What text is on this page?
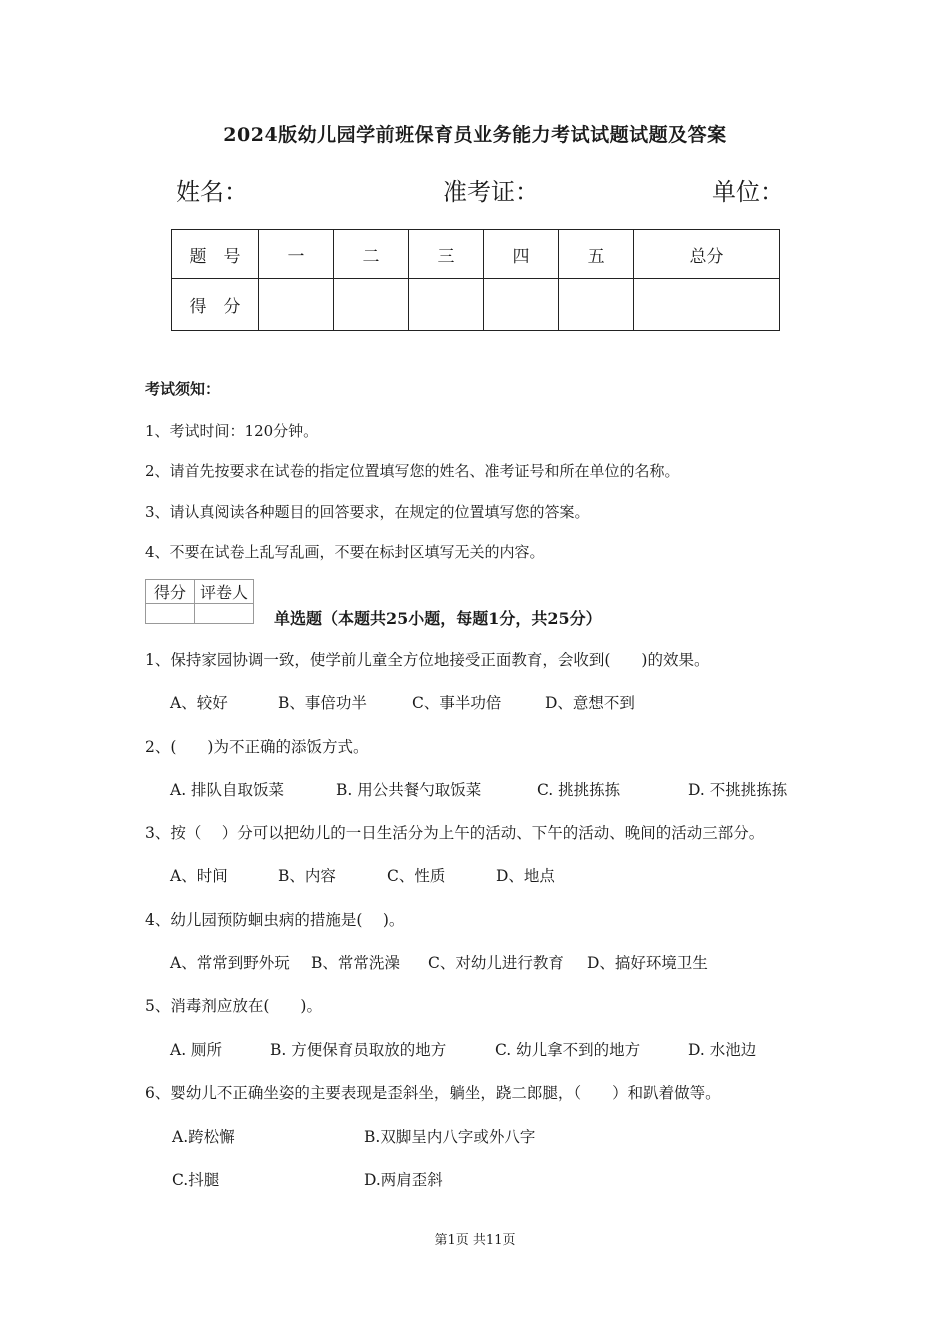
2024版幼儿园学前班保育员业务能力考试试题试题及答案
姓名：	准考证：	单位：
题　号	一	二	三	四	五	总分
得　分						
考试须知：
1、考试时间：120分钟。
2、请首先按要求在试卷的指定位置填写您的姓名、准考证号和所在单位的名称。
3、请认真阅读各种题目的回答要求，在规定的位置填写您的答案。
4、不要在试卷上乱写乱画，不要在标封区填写无关的内容。
得分	评卷人

单选题（本题共25小题，每题1分，共25分）
1、保持家园协调一致，使学前儿童全方位地接受正面教育，会收到(　　)的效果。
A、较好	B、事倍功半	C、事半功倍	D、意想不到
2、(　　)为不正确的添饭方式。
A. 排队自取饭菜	B. 用公共餐勺取饭菜	C. 挑挑拣拣	D. 不挑挑拣拣
3、按（　 ）分可以把幼儿的一日生活分为上午的活动、下午的活动、晚间的活动三部分。
A、时间	B、内容	C、性质	D、地点
4、幼儿园预防蛔虫病的措施是(　 )。
A、常常到野外玩 B、常常洗澡 C、对幼儿进行教育 D、搞好环境卫生
5、消毒剂应放在(　　)。
A. 厕所	B. 方便保育员取放的地方	C. 幼儿拿不到的地方	D. 水池边
6、婴幼儿不正确坐姿的主要表现是歪斜坐，躺坐，跷二郎腿，（　　）和趴着做等。
A.跨松懈	B.双脚呈内八字或外八字
C.抖腿	D.两肩歪斜
第1页 共11页
